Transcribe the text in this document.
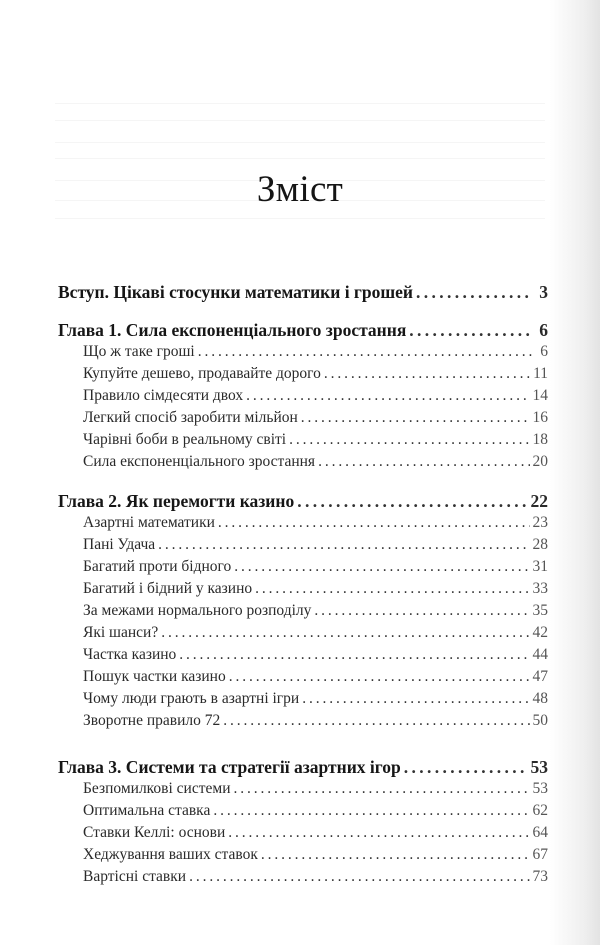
Зміст
Вступ. Цікаві стосунки математики і грошей . . .	3
Глава 1. Сила експоненціального зростання . . .	6
Що ж таке гроші . . .	6
Купуйте дешево, продавайте дорого . . .	11
Правило сімдесяти двох . . .	14
Легкий спосіб заробити мільйон . . .	16
Чарівні боби в реальному світі . . .	18
Сила експоненціального зростання . . .	20
Глава 2. Як перемогти казино . . .	22
Азартні математики . . .	23
Пані Удача . . .	28
Багатий проти бідного . . .	31
Багатий і бідний у казино . . .	33
За межами нормального розподілу . . .	35
Які шанси? . . .	42
Частка казино . . .	44
Пошук частки казино . . .	47
Чому люди грають в азартні ігри . . .	48
Зворотне правило 72 . . .	50
Глава 3. Системи та стратегії азартних ігор . . .	53
Безпомилкові системи . . .	53
Оптимальна ставка . . .	62
Ставки Келлі: основи . . .	64
Хеджування ваших ставок . . .	67
Вартісні ставки . . .	73
